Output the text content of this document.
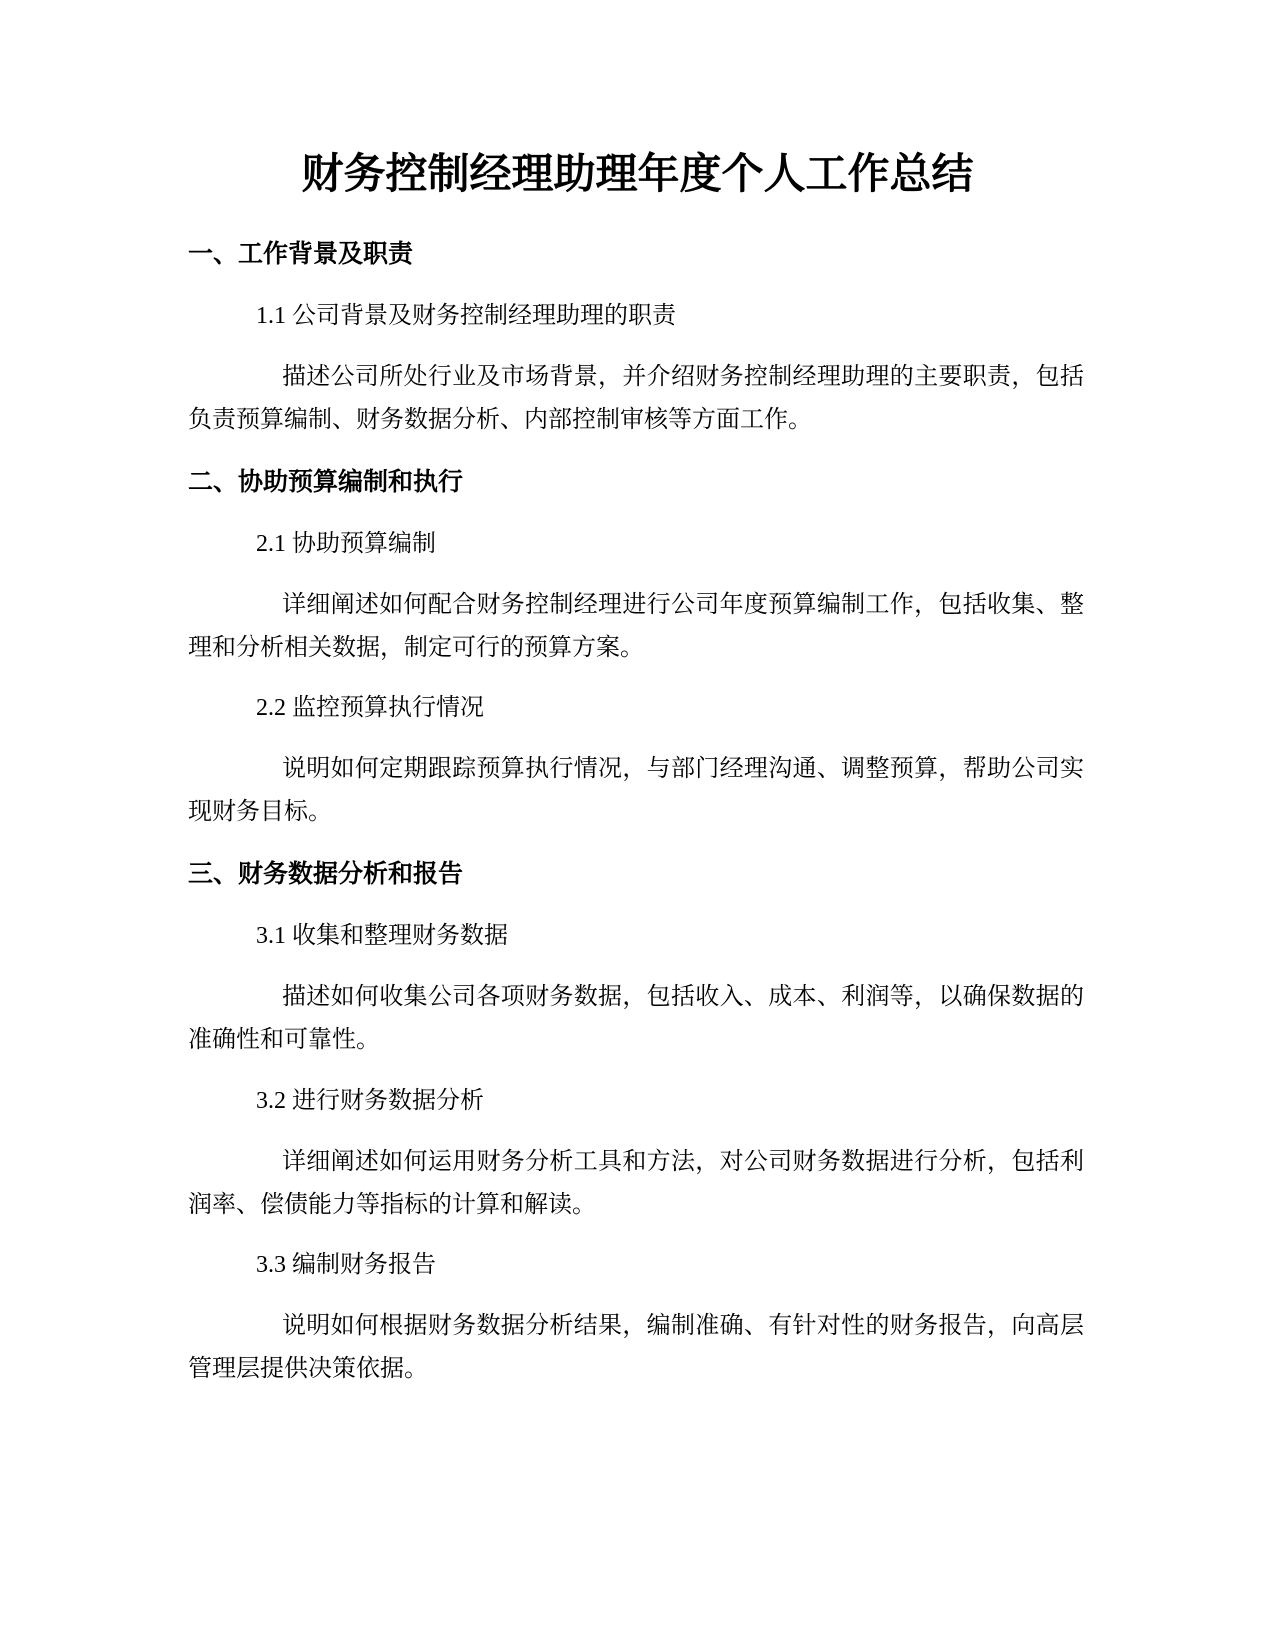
财务控制经理助理年度个人工作总结
一、工作背景及职责
1.1 公司背景及财务控制经理助理的职责
描述公司所处行业及市场背景，并介绍财务控制经理助理的主要职责，包括负责预算编制、财务数据分析、内部控制审核等方面工作。
二、协助预算编制和执行
2.1 协助预算编制
详细阐述如何配合财务控制经理进行公司年度预算编制工作，包括收集、整理和分析相关数据，制定可行的预算方案。
2.2 监控预算执行情况
说明如何定期跟踪预算执行情况，与部门经理沟通、调整预算，帮助公司实现财务目标。
三、财务数据分析和报告
3.1 收集和整理财务数据
描述如何收集公司各项财务数据，包括收入、成本、利润等，以确保数据的准确性和可靠性。
3.2 进行财务数据分析
详细阐述如何运用财务分析工具和方法，对公司财务数据进行分析，包括利润率、偿债能力等指标的计算和解读。
3.3 编制财务报告
说明如何根据财务数据分析结果，编制准确、有针对性的财务报告，向高层管理层提供决策依据。
